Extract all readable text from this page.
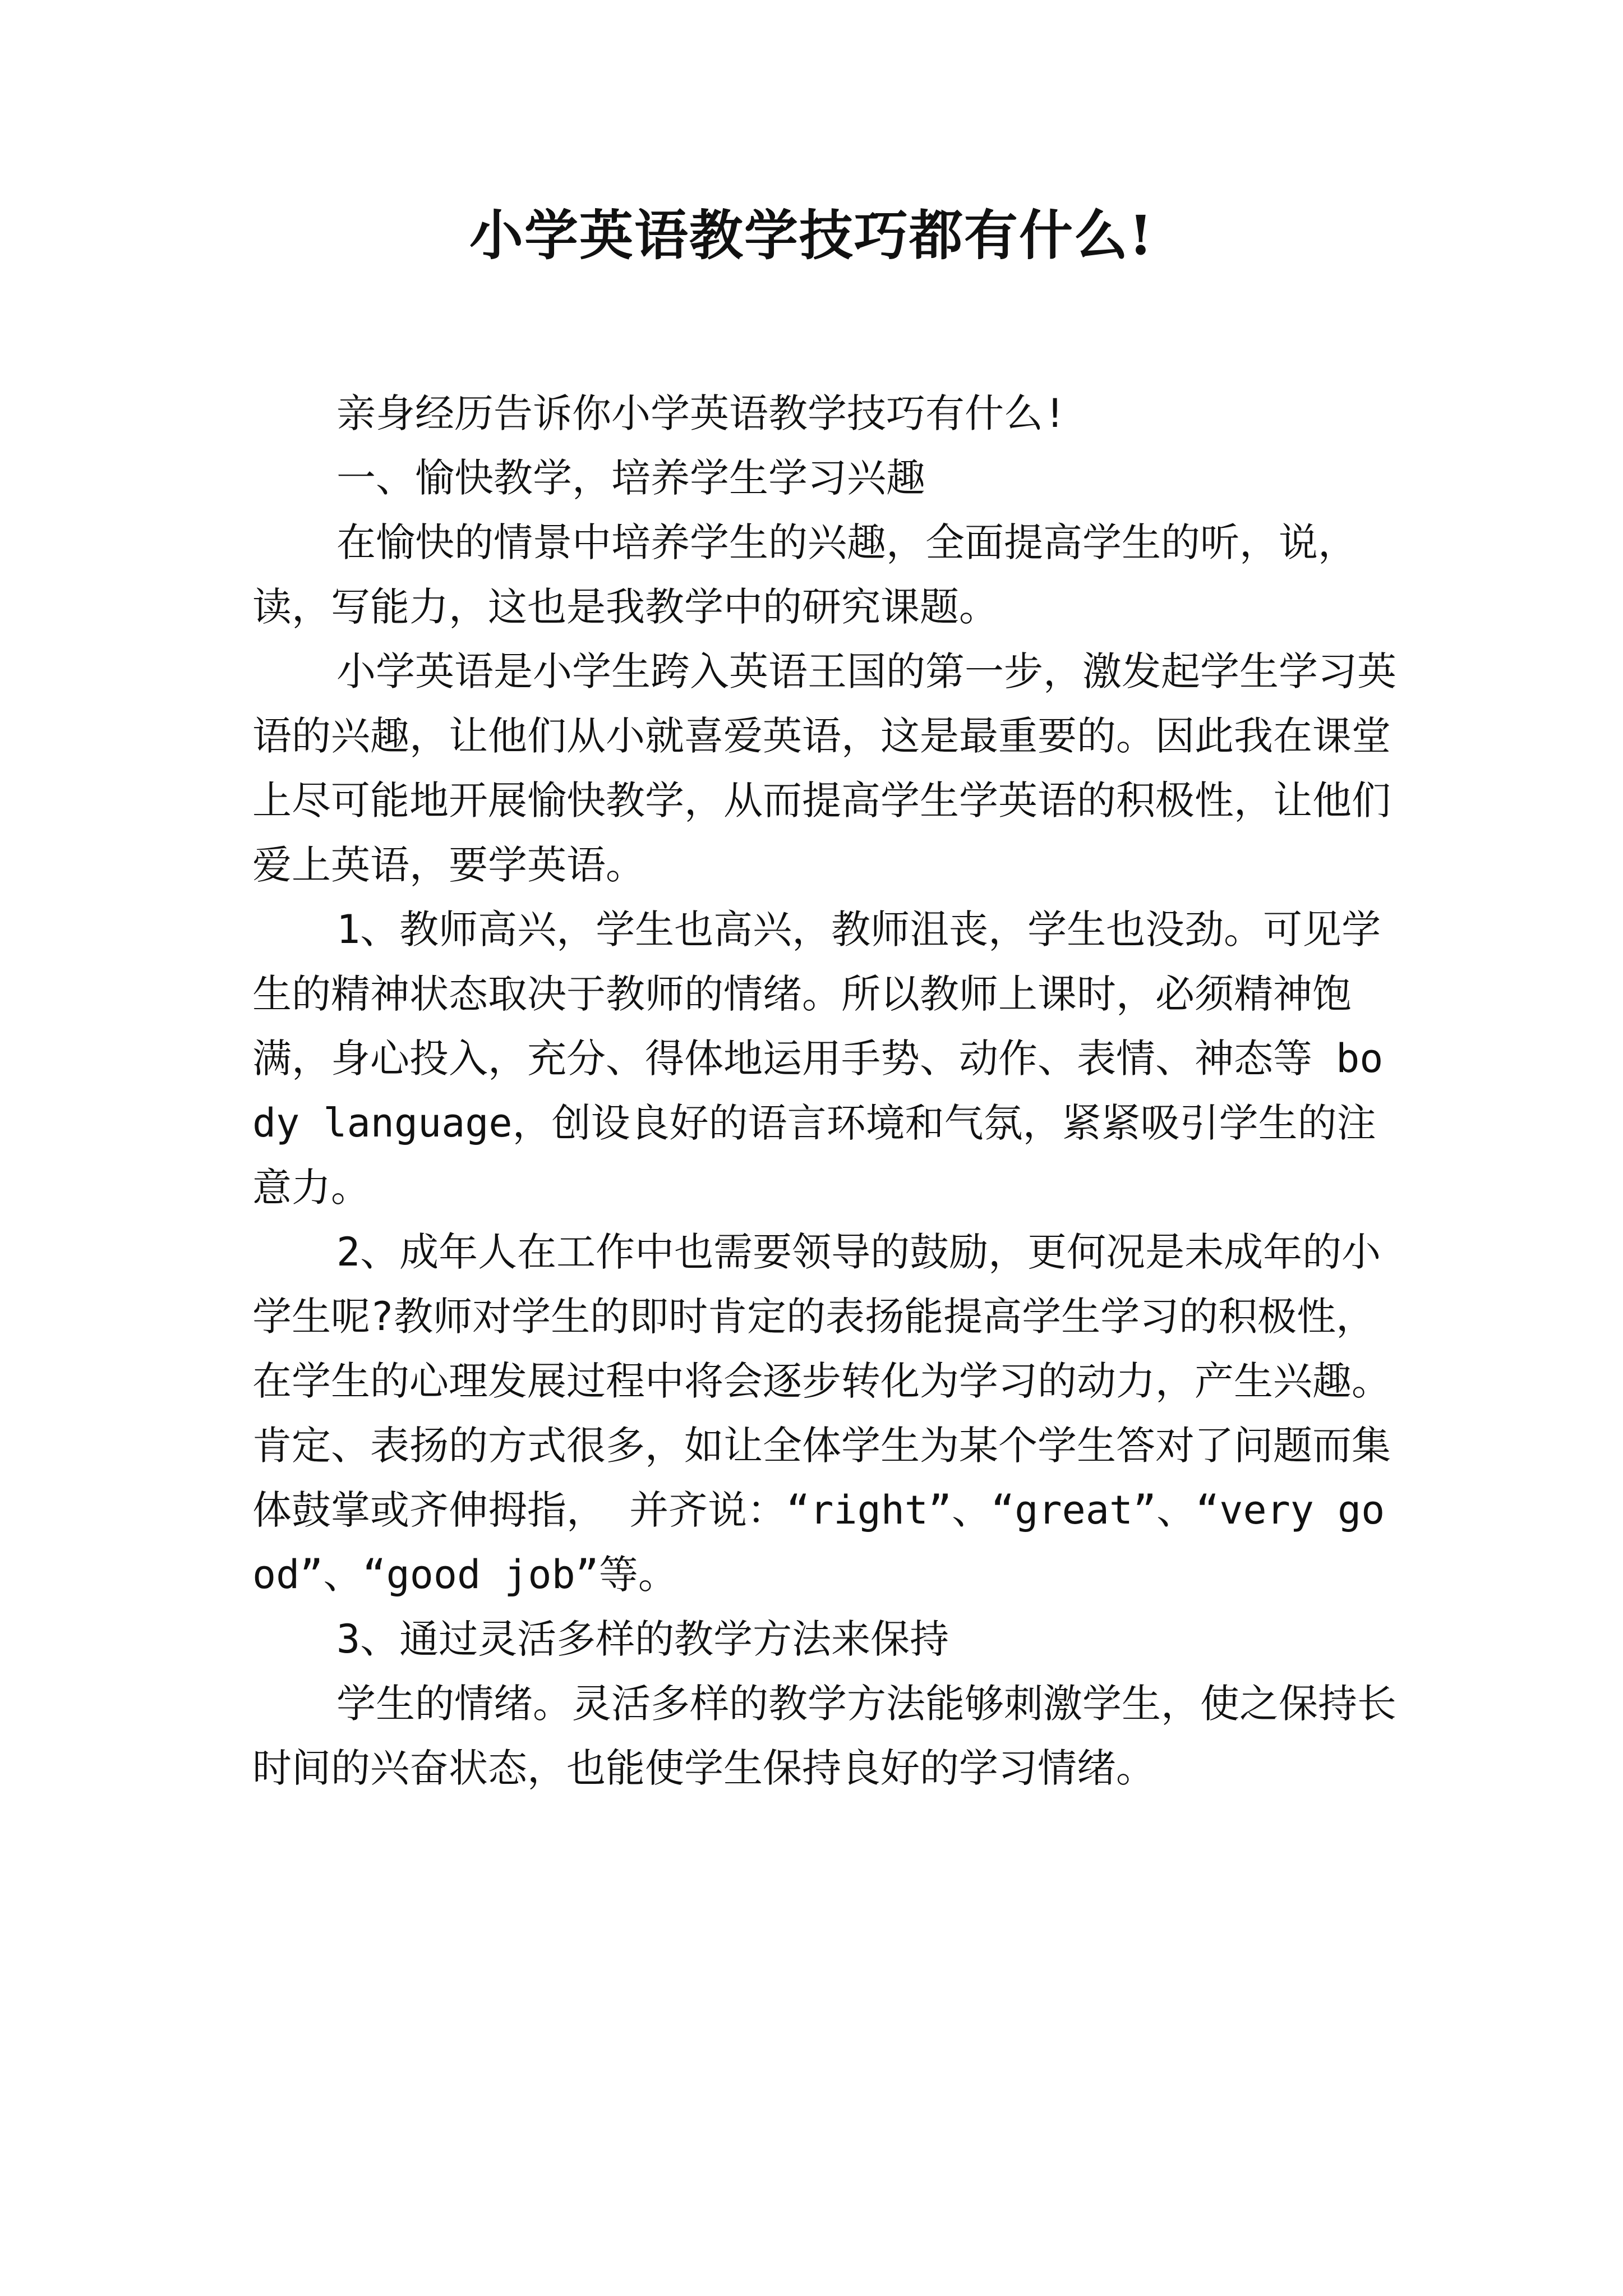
小学英语教学技巧都有什么!

亲身经历告诉你小学英语教学技巧有什么!

一、愉快教学，培养学生学习兴趣

在愉快的情景中培养学生的兴趣，全面提高学生的听，说，读，写能力，这也是我教学中的研究课题。

小学英语是小学生跨入英语王国的第一步，激发起学生学习英语的兴趣，让他们从小就喜爱英语，这是最重要的。因此我在课堂上尽可能地开展愉快教学，从而提高学生学英语的积极性，让他们爱上英语，要学英语。

1、教师高兴，学生也高兴，教师沮丧，学生也没劲。可见学生的精神状态取决于教师的情绪。所以教师上课时，必须精神饱满，身心投入，充分、得体地运用手势、动作、表情、神态等 body language，创设良好的语言环境和气氛，紧紧吸引学生的注意力。

2、成年人在工作中也需要领导的鼓励，更何况是未成年的小学生呢?教师对学生的即时肯定的表扬能提高学生学习的积极性，在学生的心理发展过程中将会逐步转化为学习的动力，产生兴趣。肯定、表扬的方式很多，如让全体学生为某个学生答对了问题而集体鼓掌或齐伸拇指， 并齐说：“right”、“great”、“very good”、“good job”等。

3、通过灵活多样的教学方法来保持

学生的情绪。灵活多样的教学方法能够刺激学生，使之保持长时间的兴奋状态，也能使学生保持良好的学习情绪。
